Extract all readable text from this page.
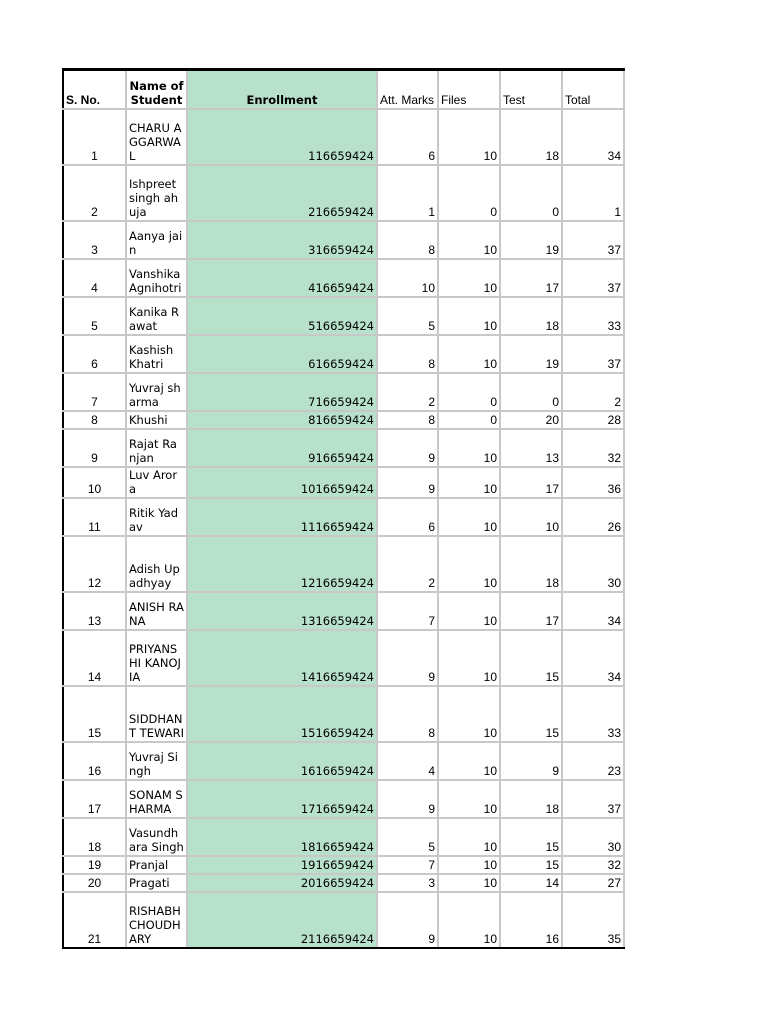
S. No.	Name of Student	Enrollment	Att. Marks	Files	Test	Total
1	CHARU AGGARWAL	116659424	6	10	18	34
2	Ishpreet singh ahuja	216659424	1	0	0	1
3	Aanya jain	316659424	8	10	19	37
4	Vanshika Agnihotri	416659424	10	10	17	37
5	Kanika Rawat	516659424	5	10	18	33
6	Kashish Khatri	616659424	8	10	19	37
7	Yuvraj sharma	716659424	2	0	0	2
8	Khushi	816659424	8	0	20	28
9	Rajat Ranjan	916659424	9	10	13	32
10	Luv Arora	1016659424	9	10	17	36
11	Ritik Yadav	1116659424	6	10	10	26
12	Adish Upadhyay	1216659424	2	10	18	30
13	ANISH RANA	1316659424	7	10	17	34
14	PRIYANSHI KANOJIA	1416659424	9	10	15	34
15	SIDDHANT TEWARI	1516659424	8	10	15	33
16	Yuvraj Singh	1616659424	4	10	9	23
17	SONAM SHARMA	1716659424	9	10	18	37
18	Vasundhara Singh	1816659424	5	10	15	30
19	Pranjal	1916659424	7	10	15	32
20	Pragati	2016659424	3	10	14	27
21	RISHABH CHOUDHARY	2116659424	9	10	16	35
